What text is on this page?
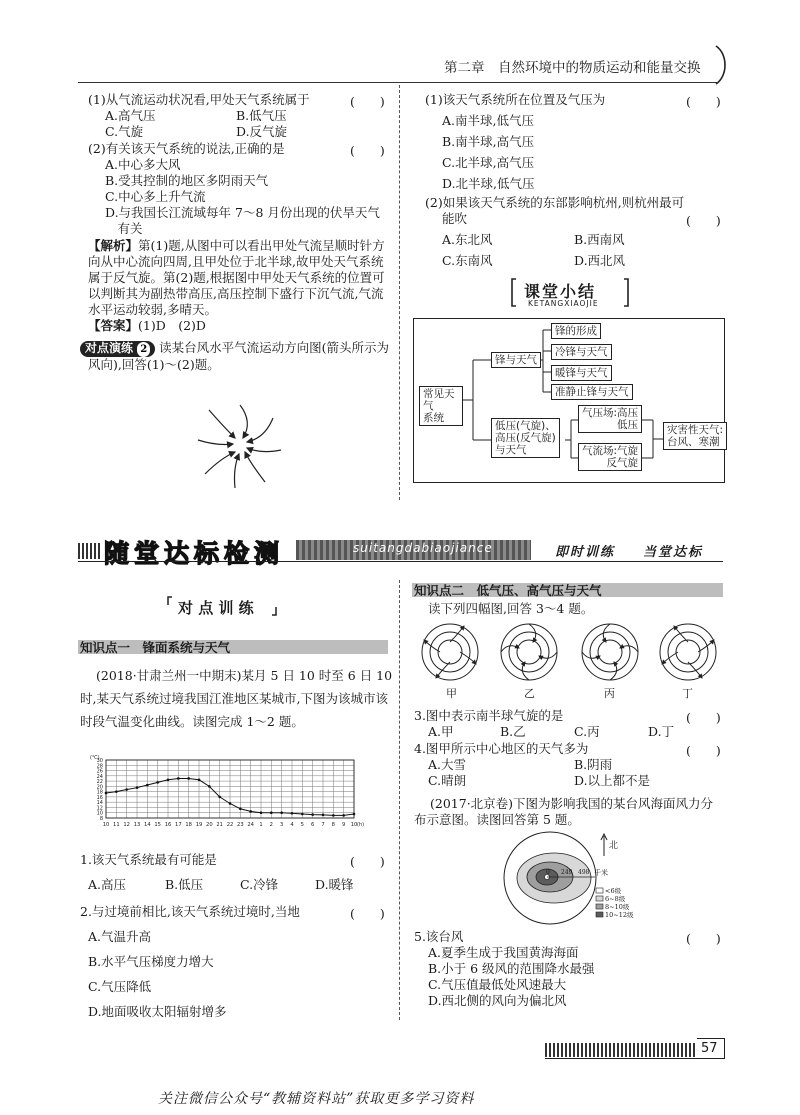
第二章　自然环境中的物质运动和能量交换
(1)从气流运动状况看,甲处天气系统属于	(　　)
A.高气压	B.低气压
C.气旋	D.反气旋
(2)有关该天气系统的说法,正确的是	(　　)
A.中心多大风
B.受其控制的地区多阴雨天气
C.中心多上升气流
D.与我国长江流域每年 7～8 月份出现的伏旱天气
　有关
【解析】 第(1)题,从图中可以看出甲处气流呈顺时针方
向从中心流向四周,且甲处位于北半球,故甲处天气系统
属于反气旋。第(2)题,根据图中甲处天气系统的位置可
以判断其为副热带高压,高压控制下盛行下沉气流,气流
水平运动较弱,多晴天。
【答案】 (1)D　(2)D
对点演练 2 读某台风水平气流运动方向图(箭头所示为
风向),回答(1)～(2)题。
(1)该天气系统所在位置及气压为	(　　)
A.南半球,低气压
B.南半球,高气压
C.北半球,高气压
D.北半球,低气压
(2)如果该天气系统的东部影响杭州,则杭州最可
能吹	(　　)
A.东北风	B.西南风
C.东南风	D.西北风
课堂小结
KETANGXIAOJIE
常见天气
系统
锋与天气
锋的形成
冷锋与天气
暖锋与天气
准静止锋与天气
低压(气旋)、
高压(反气旋)
与天气
气压场:高压
低压
气流场:气旋
反气旋
灾害性天气:
台风、寒潮
随堂达标检测	suitangdabiaojiance	即时训练 当堂达标
对 点 训 练
知识点一　锋面系统与天气
(2018·甘肃兰州一中期末)某月 5 日 10 时至 6 日 10
时,某天气系统过境我国江淮地区某城市,下图为该城市该
时段气温变化曲线。读图完成 1～2 题。
30
28
26
24
22
20
18
16
14
12
10
8
10 11 12 13 14 15 16 17 18 19 20 21 22 23 24 1 2 3 4 5 6 7 8 9 10
(℃)
(h)
1.该天气系统最有可能是	(　　)
A.高压	B.低压	C.冷锋	D.暖锋
2.与过境前相比,该天气系统过境时,当地	(　　)
A.气温升高
B.水平气压梯度力增大
C.气压降低
D.地面吸收太阳辐射增多
知识点二　低气压、高气压与天气
读下列四幅图,回答 3～4 题。
甲	乙	丙	丁
3.图中表示南半球气旋的是	(　　)
A.甲	B.乙	C.丙	D.丁
4.图甲所示中心地区的天气多为	(　　)
A.大雪	B.阴雨
C.晴朗	D.以上都不是
(2017·北京卷)下图为影响我国的某台风海面风力分
布示意图。读图回答第 5 题。
北
0 249 498 千米
<6级
6~8级
8~10级
10~12级
5.该台风	(　　)
A.夏季生成于我国黄海海面
B.小于 6 级风的范围降水最强
C.气压值最低处风速最大
D.西北侧的风向为偏北风
57
关注微信公众号“教辅资料站”获取更多学习资料
